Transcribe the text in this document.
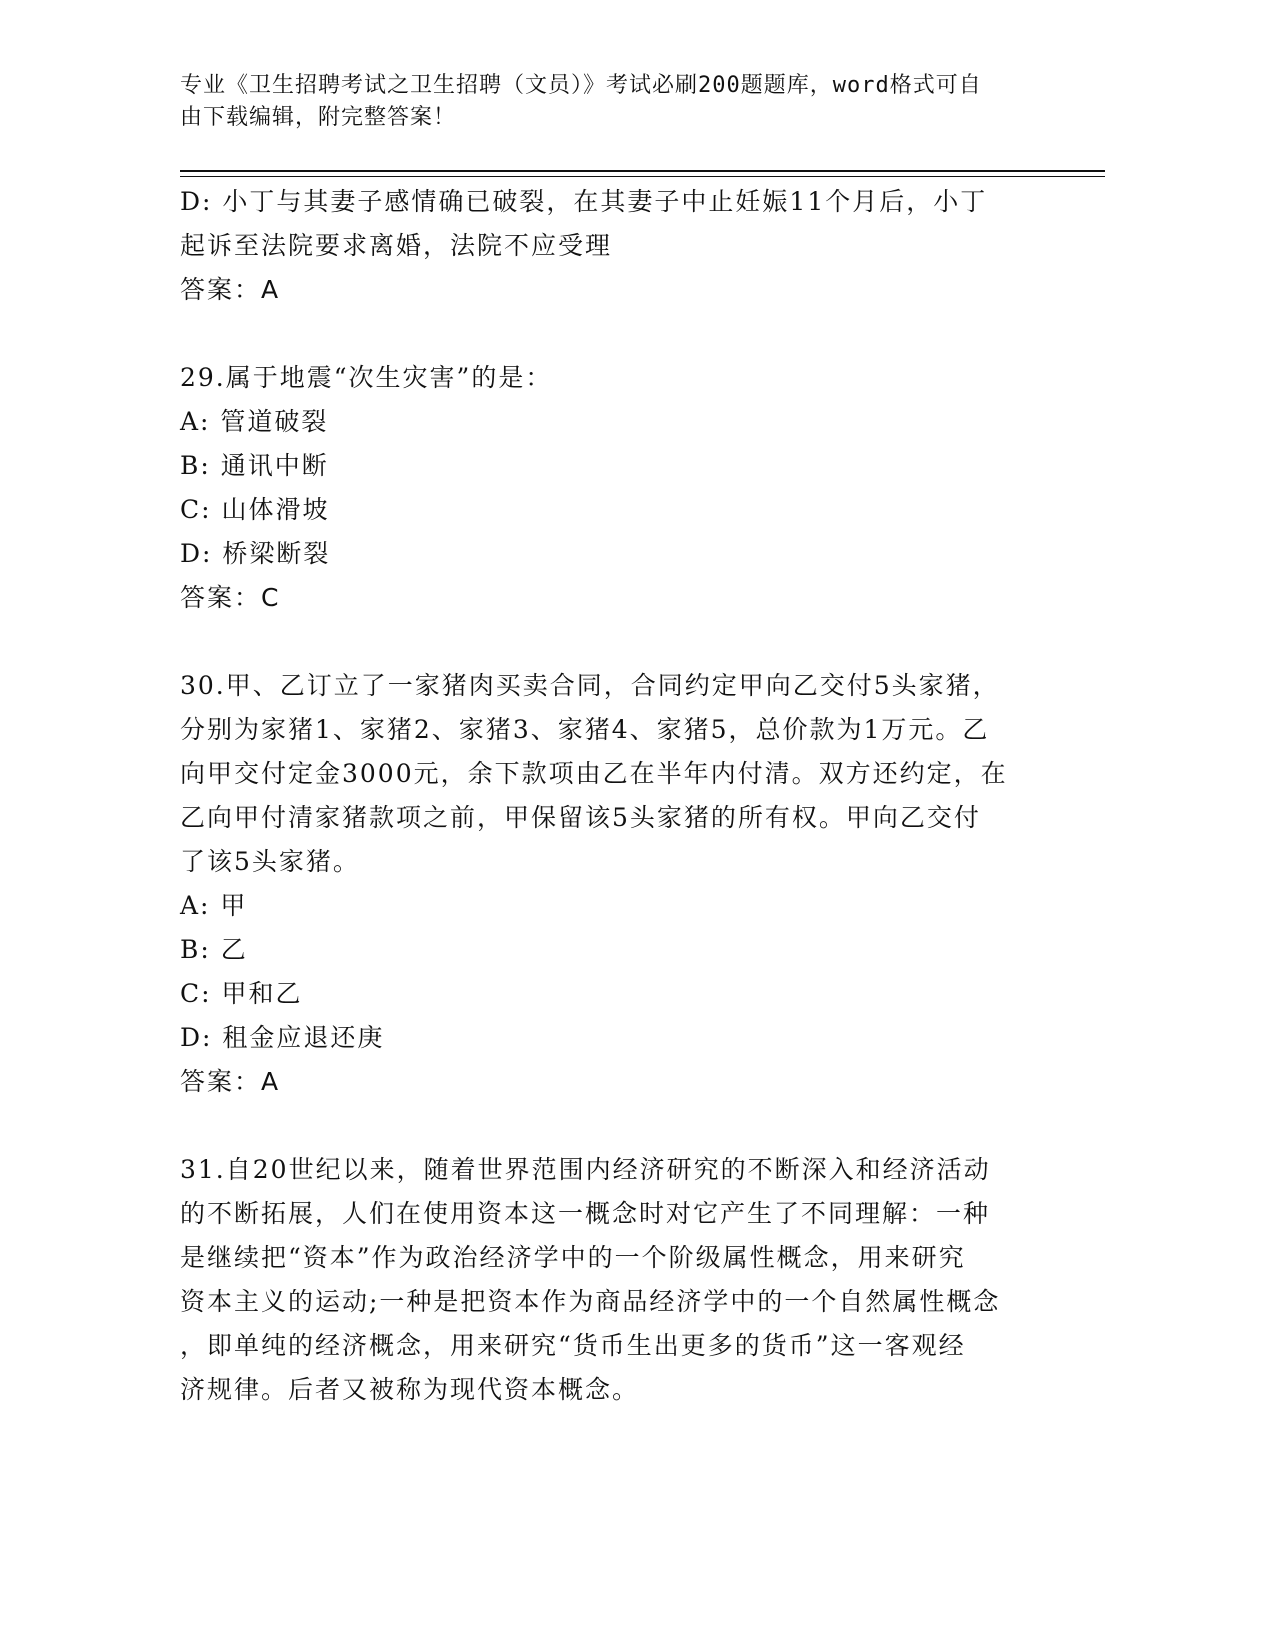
专业《卫生招聘考试之卫生招聘（文员）》考试必刷200题题库，word格式可自
由下载编辑，附完整答案！
D: 小丁与其妻子感情确已破裂，在其妻子中止妊娠11个月后，小丁
起诉至法院要求离婚，法院不应受理
答案：A
29.属于地震“次生灾害”的是：
A: 管道破裂
B: 通讯中断
C: 山体滑坡
D: 桥梁断裂
答案：C
30.甲、乙订立了一家猪肉买卖合同，合同约定甲向乙交付5头家猪，
分别为家猪1、家猪2、家猪3、家猪4、家猪5，总价款为1万元。乙
向甲交付定金3000元，余下款项由乙在半年内付清。双方还约定，在
乙向甲付清家猪款项之前，甲保留该5头家猪的所有权。甲向乙交付
了该5头家猪。
A: 甲
B: 乙
C: 甲和乙
D: 租金应退还庚
答案：A
31.自20世纪以来，随着世界范围内经济研究的不断深入和经济活动
的不断拓展，人们在使用资本这一概念时对它产生了不同理解：一种
是继续把“资本”作为政治经济学中的一个阶级属性概念，用来研究
资本主义的运动;一种是把资本作为商品经济学中的一个自然属性概念
，即单纯的经济概念，用来研究“货币生出更多的货币”这一客观经
济规律。后者又被称为现代资本概念。
